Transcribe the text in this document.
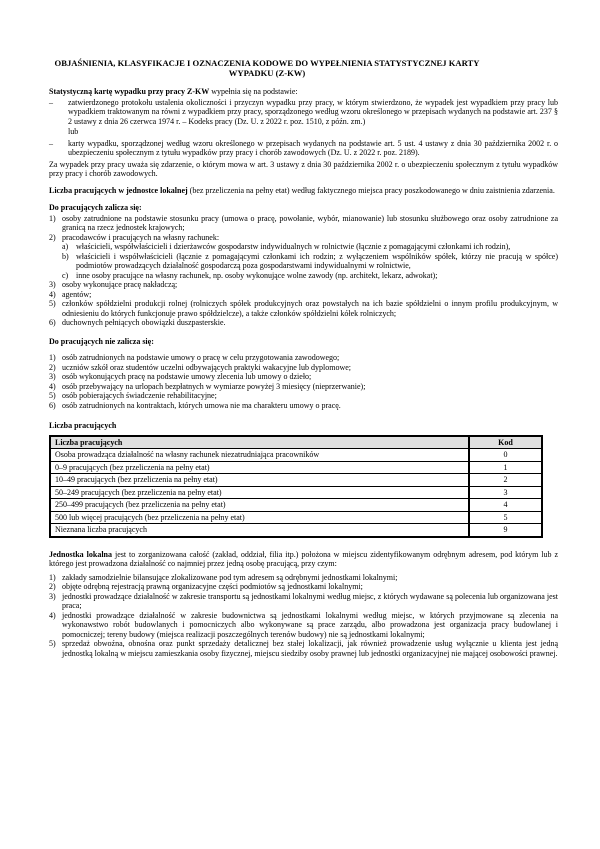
OBJAŚNIENIA, KLASYFIKACJE I OZNACZENIA KODOWE DO WYPEŁNIENIA STATYSTYCZNEJ KARTY WYPADKU (Z-KW)

Statystyczną kartę wypadku przy pracy Z-KW wypełnia się na podstawie:

–	zatwierdzonego protokołu ustalenia okoliczności i przyczyn wypadku przy pracy, w którym stwierdzono, że wypadek jest wypadkiem przy pracy lub wypadkiem traktowanym na równi z wypadkiem przy pracy, sporządzonego według wzoru określonego w przepisach wydanych na podstawie art. 237 § 2 ustawy z dnia 26 czerwca 1974 r. – Kodeks pracy (Dz. U. z 2022 r. poz. 1510, z późn. zm.)
lub
–	karty wypadku, sporządzonej według wzoru określonego w przepisach wydanych na podstawie art. 5 ust. 4 ustawy z dnia 30 października 2002 r. o ubezpieczeniu społecznym z tytułu wypadków przy pracy i chorób zawodowych (Dz. U. z 2022 r. poz. 2189).

Za wypadek przy pracy uważa się zdarzenie, o którym mowa w art. 3 ustawy z dnia 30 października 2002 r. o ubezpieczeniu społecznym z tytułu wypadków przy pracy i chorób zawodowych.

Liczba pracujących w jednostce lokalnej (bez przeliczenia na pełny etat) według faktycznego miejsca pracy poszkodowanego w dniu zaistnienia zdarzenia.

Do pracujących zalicza się:
1) osoby zatrudnione na podstawie stosunku pracy (umowa o pracę, powołanie, wybór, mianowanie) lub stosunku służbowego oraz osoby zatrudnione za granicą na rzecz jednostek krajowych;
2) pracodawców i pracujących na własny rachunek:
a) właścicieli, współwłaścicieli i dzierżawców gospodarstw indywidualnych w rolnictwie (łącznie z pomagającymi członkami ich rodzin),
b) właścicieli i współwłaścicieli (łącznie z pomagającymi członkami ich rodzin; z wyłączeniem wspólników spółek, którzy nie pracują w spółce) podmiotów prowadzących działalność gospodarczą poza gospodarstwami indywidualnymi w rolnictwie,
c) inne osoby pracujące na własny rachunek, np. osoby wykonujące wolne zawody (np. architekt, lekarz, adwokat);
3) osoby wykonujące pracę nakładczą;
4) agentów;
5) członków spółdzielni produkcji rolnej (rolniczych spółek produkcyjnych oraz powstałych na ich bazie spółdzielni o innym profilu produkcyjnym, w odniesieniu do których funkcjonuje prawo spółdzielcze), a także członków spółdzielni kółek rolniczych;
6) duchownych pełniących obowiązki duszpasterskie.
Do pracujących nie zalicza się:
1) osób zatrudnionych na podstawie umowy o pracę w celu przygotowania zawodowego;
2) uczniów szkół oraz studentów uczelni odbywających praktyki wakacyjne lub dyplomowe;
3) osób wykonujących pracę na podstawie umowy zlecenia lub umowy o dzieło;
4) osób przebywający na urlopach bezpłatnych w wymiarze powyżej 3 miesięcy (nieprzerwanie);
5) osób pobierających świadczenie rehabilitacyjne;
6) osób zatrudnionych na kontraktach, których umowa nie ma charakteru umowy o pracę.
Liczba pracujących
Liczba pracujących	Kod
Osoba prowadząca działalność na własny rachunek niezatrudniająca pracowników	0
0–9 pracujących (bez przeliczenia na pełny etat)	1
10–49 pracujących (bez przeliczenia na pełny etat)	2
50–249 pracujących (bez przeliczenia na pełny etat)	3
250–499 pracujących (bez przeliczenia na pełny etat)	4
500 lub więcej pracujących (bez przeliczenia na pełny etat)	5
Nieznana liczba pracujących	9

Jednostka lokalna jest to zorganizowana całość (zakład, oddział, filia itp.) położona w miejscu zidentyfikowanym odrębnym adresem, pod którym lub z którego jest prowadzona działalność co najmniej przez jedną osobę pracującą, przy czym:

1) zakłady samodzielnie bilansujące zlokalizowane pod tym adresem są odrębnymi jednostkami lokalnymi;
2) objęte odrębną rejestracją prawną organizacyjne części podmiotów są jednostkami lokalnymi;
3) jednostki prowadzące działalność w zakresie transportu są jednostkami lokalnymi według miejsc, z których wydawane są polecenia lub organizowana jest praca;
4) jednostki prowadzące działalność w zakresie budownictwa są jednostkami lokalnymi według miejsc, w których przyjmowane są zlecenia na wykonawstwo robót budowlanych i pomocniczych albo wykonywane są prace zarządu, albo prowadzona jest organizacja pracy budowlanej i pomocniczej; tereny budowy (miejsca realizacji poszczególnych terenów budowy) nie są jednostkami lokalnymi;
5) sprzedaż obwoźna, obnośna oraz punkt sprzedaży detalicznej bez stałej lokalizacji, jak również prowadzenie usług wyłącznie u klienta jest jedną jednostką lokalną w miejscu zamieszkania osoby fizycznej, miejscu siedziby osoby prawnej lub jednostki organizacyjnej nie mającej osobowości prawnej.
